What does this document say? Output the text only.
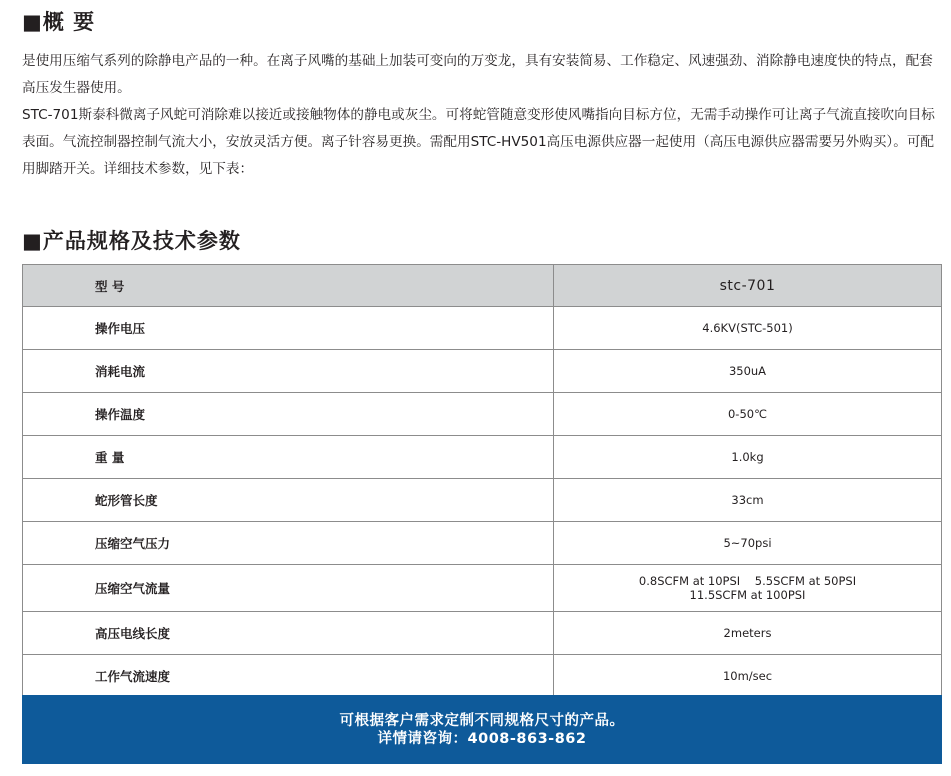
■概 要

是使用压缩气系列的除静电产品的一种。在离子风嘴的基础上加装可变向的万变龙，具有安装简易、工作稳定、风速强劲、消除静电速度快的特点，配套高压发生器使用。

STC-701斯泰科微离子风蛇可消除难以接近或接触物体的静电或灰尘。可将蛇管随意变形使风嘴指向目标方位，无需手动操作可让离子气流直接吹向目标表面。气流控制器控制气流大小，安放灵活方便。离子针容易更换。需配用STC-HV501高压电源供应器一起使用（高压电源供应器需要另外购买）。可配用脚踏开关。详细技术参数，见下表：

■产品规格及技术参数
型 号	stc-701
操作电压	4.6KV(STC-501)
消耗电流	350uA
操作温度	0-50℃
重 量	1.0kg
蛇形管长度	33cm
压缩空气压力	5~70psi
压缩空气流量	0.8SCFM at 10PSI    5.5SCFM at 50PSI
11.5SCFM at 100PSI

高压电线长度	2meters
工作气流速度	10m/sec
可根据客户需求定制不同规格尺寸的产品。
详情请咨询：4008-863-862
